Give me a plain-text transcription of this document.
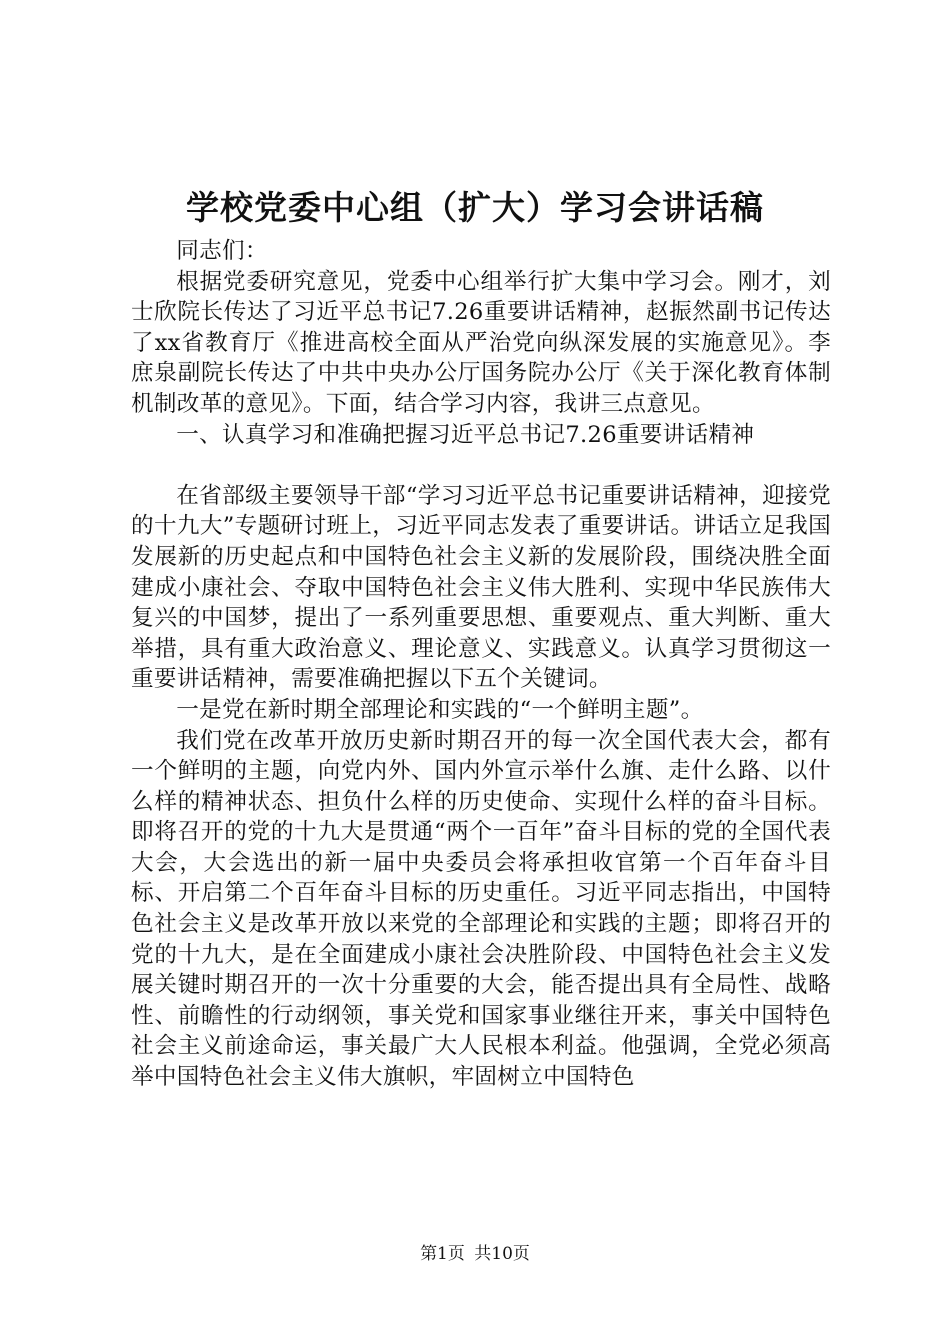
学校党委中心组（扩大）学习会讲话稿

同志们：

根据党委研究意见，党委中心组举行扩大集中学习会。刚才，刘士欣院长传达了习近平总书记7.26重要讲话精神，赵振然副书记传达了xx省教育厅《推进高校全面从严治党向纵深发展的实施意见》。李庶泉副院长传达了中共中央办公厅国务院办公厅《关于深化教育体制机制改革的意见》。下面，结合学习内容，我讲三点意见。

一、认真学习和准确把握习近平总书记7.26重要讲话精神

在省部级主要领导干部“学习习近平总书记重要讲话精神，迎接党的十九大”专题研讨班上，习近平同志发表了重要讲话。讲话立足我国发展新的历史起点和中国特色社会主义新的发展阶段，围绕决胜全面建成小康社会、夺取中国特色社会主义伟大胜利、实现中华民族伟大复兴的中国梦，提出了一系列重要思想、重要观点、重大判断、重大举措，具有重大政治意义、理论意义、实践意义。认真学习贯彻这一重要讲话精神，需要准确把握以下五个关键词。

一是党在新时期全部理论和实践的“一个鲜明主题”。

我们党在改革开放历史新时期召开的每一次全国代表大会，都有一个鲜明的主题，向党内外、国内外宣示举什么旗、走什么路、以什么样的精神状态、担负什么样的历史使命、实现什么样的奋斗目标。即将召开的党的十九大是贯通“两个一百年”奋斗目标的党的全国代表大会，大会选出的新一届中央委员会将承担收官第一个百年奋斗目标、开启第二个百年奋斗目标的历史重任。习近平同志指出，中国特色社会主义是改革开放以来党的全部理论和实践的主题；即将召开的党的十九大，是在全面建成小康社会决胜阶段、中国特色社会主义发展关键时期召开的一次十分重要的大会，能否提出具有全局性、战略性、前瞻性的行动纲领，事关党和国家事业继往开来，事关中国特色社会主义前途命运，事关最广大人民根本利益。他强调，全党必须高举中国特色社会主义伟大旗帜，牢固树立中国特色

第1页 共10页
